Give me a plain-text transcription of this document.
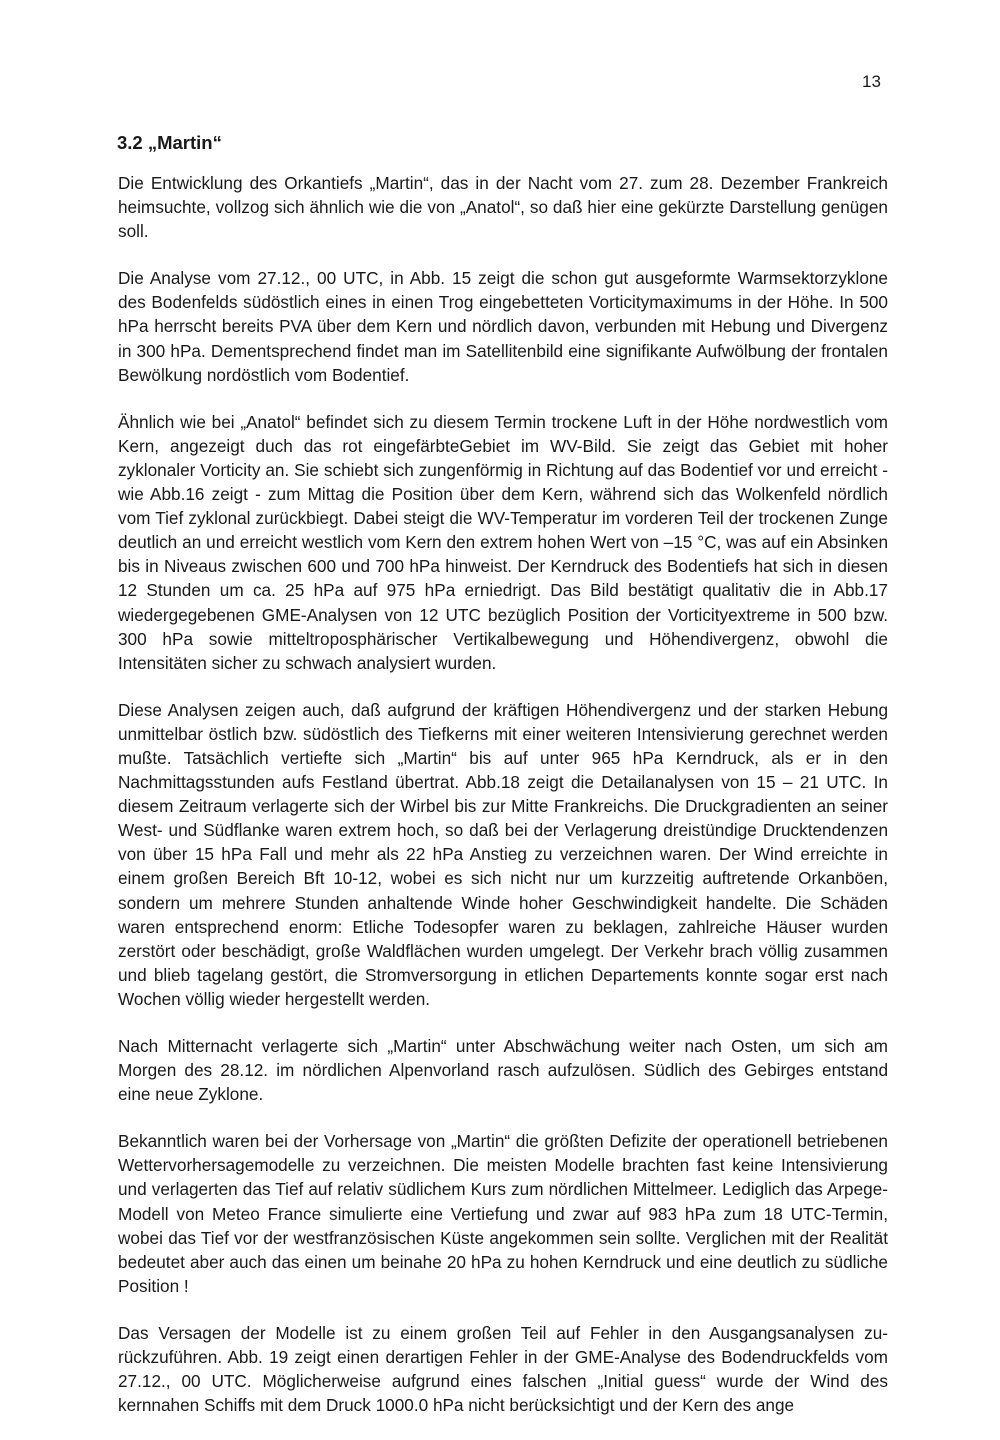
13
3.2 „Martin“

Die Entwicklung des Orkantiefs „Martin“, das in der Nacht vom 27. zum 28. Dezember Frankreich heimsuchte, vollzog sich ähnlich wie die von „Anatol“, so daß hier eine gekürzte Darstellung genügen soll.

Die Analyse vom 27.12., 00 UTC, in Abb. 15 zeigt die schon gut ausgeformte Warmsektorzyklone des Bodenfelds südöstlich eines in einen Trog eingebetteten Vorticitymaximums in der Höhe. In 500 hPa herrscht bereits PVA über dem Kern und nördlich davon, verbunden mit Hebung und Divergenz in 300 hPa. Dementsprechend findet man im Satellitenbild eine signifikante Aufwölbung der frontalen Bewölkung nordöstlich vom Bodentief.

Ähnlich wie bei „Anatol“ befindet sich zu diesem Termin trockene Luft in der Höhe nordwestlich vom Kern, angezeigt duch das rot eingefärbteGebiet im WV-Bild. Sie zeigt das Gebiet mit hoher zyklonaler Vorticity an. Sie schiebt sich zungenförmig in Richtung auf das Bodentief vor und erreicht - wie Abb.16 zeigt - zum Mittag die Position über dem Kern, während sich das Wolkenfeld nördlich vom Tief zyklonal zurückbiegt. Dabei steigt die WV-Temperatur im vorderen Teil der trockenen Zunge deutlich an und erreicht westlich vom Kern den extrem hohen Wert von –15 °C, was auf ein Absinken bis in Niveaus zwischen 600 und 700 hPa hinweist. Der Kerndruck des Bodentiefs hat sich in diesen 12 Stunden um ca. 25 hPa auf 975 hPa erniedrigt. Das Bild bestätigt qualitativ die in Abb.17 wiedergegebenen GME-Analysen von 12 UTC bezüglich Position der Vorticityextreme in 500 bzw. 300 hPa sowie mitteltroposphärischer Vertikalbewegung und Höhendivergenz, obwohl die Intensitäten sicher zu schwach analysiert wurden.

Diese Analysen zeigen auch, daß aufgrund der kräftigen Höhendivergenz und der starken Hebung unmittelbar östlich bzw. südöstlich des Tiefkerns mit einer weiteren Intensivierung gerechnet werden mußte. Tatsächlich vertiefte sich „Martin“ bis auf unter 965 hPa Kerndruck, als er in den Nachmittagsstunden aufs Festland übertrat. Abb.18 zeigt die Detailanalysen von 15 – 21 UTC. In diesem Zeitraum verlagerte sich der Wirbel bis zur Mitte Frankreichs. Die Druckgradienten an seiner West- und Südflanke waren extrem hoch, so daß bei der Verlagerung dreistündige Drucktendenzen von über 15 hPa Fall und mehr als 22 hPa Anstieg zu verzeichnen waren. Der Wind erreichte in einem großen Bereich Bft 10-12, wobei es sich nicht nur um kurzzeitig auftretende Orkanböen, sondern um mehrere Stunden anhaltende Winde hoher Geschwindigkeit handelte. Die Schäden waren entsprechend enorm: Etliche Todesopfer waren zu beklagen, zahlreiche Häuser wurden zerstört oder beschädigt, große Waldflächen wurden umgelegt. Der Verkehr brach völlig zusammen und blieb tagelang gestört, die Stromversorgung in etlichen Departements konnte sogar erst nach Wochen völlig wieder hergestellt werden.

Nach Mitternacht verlagerte sich „Martin“ unter Abschwächung weiter nach Osten, um sich am Morgen des 28.12. im nördlichen Alpenvorland rasch aufzulösen. Südlich des Gebirges entstand eine neue Zyklone.

Bekanntlich waren bei der Vorhersage von „Martin“ die größten Defizite der operationell betriebenen Wettervorhersagemodelle zu verzeichnen. Die meisten Modelle brachten fast keine Intensivierung und verlagerten das Tief auf relativ südlichem Kurs zum nördlichen Mittelmeer. Lediglich das Arpege-Modell von Meteo France simulierte eine Vertiefung und zwar auf 983 hPa zum 18 UTC-Termin, wobei das Tief vor der westfranzösischen Küste angekommen sein sollte. Verglichen mit der Realität bedeutet aber auch das einen um beinahe 20 hPa zu hohen Kerndruck und eine deutlich zu südliche Position !

Das Versagen der Modelle ist zu einem großen Teil auf Fehler in den Ausgangsanalysen zurückzuführen. Abb. 19 zeigt einen derartigen Fehler in der GME-Analyse des Bodendruckfelds vom 27.12., 00 UTC. Möglicherweise aufgrund eines falschen „Initial guess“ wurde der Wind des kernnahen Schiffs mit dem Druck 1000.0 hPa nicht berücksichtigt und der Kern des ange
